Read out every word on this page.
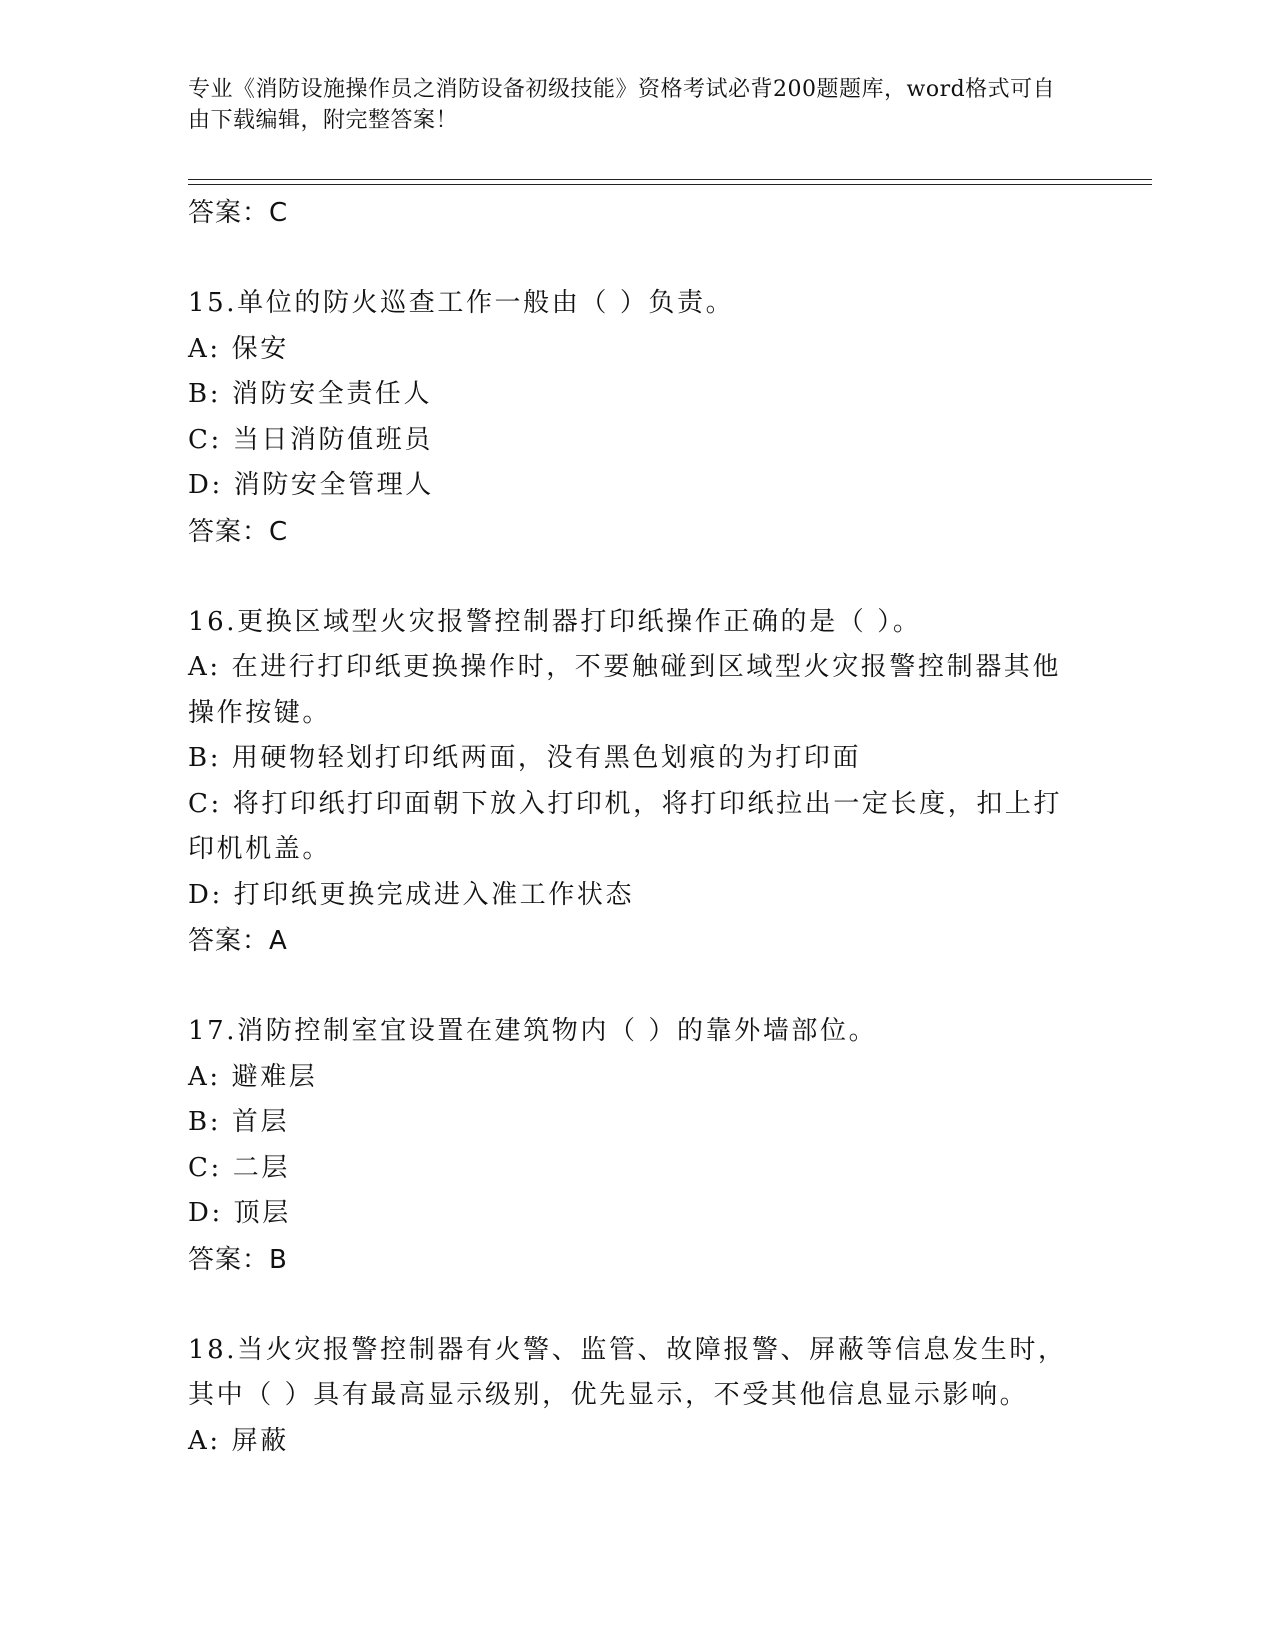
专业《消防设施操作员之消防设备初级技能》资格考试必背200题题库，word格式可自由下载编辑，附完整答案！
答案：C
15.单位的防火巡查工作一般由（ ）负责。
A: 保安
B: 消防安全责任人
C: 当日消防值班员
D: 消防安全管理人
答案：C
16.更换区域型火灾报警控制器打印纸操作正确的是（ ）。
A: 在进行打印纸更换操作时，不要触碰到区域型火灾报警控制器其他操作按键。
B: 用硬物轻划打印纸两面，没有黑色划痕的为打印面
C: 将打印纸打印面朝下放入打印机，将打印纸拉出一定长度，扣上打印机机盖。
D: 打印纸更换完成进入准工作状态
答案：A
17.消防控制室宜设置在建筑物内（ ）的靠外墙部位。
A: 避难层
B: 首层
C: 二层
D: 顶层
答案：B
18.当火灾报警控制器有火警、监管、故障报警、屏蔽等信息发生时，其中（ ）具有最高显示级别，优先显示，不受其他信息显示影响。
A: 屏蔽
